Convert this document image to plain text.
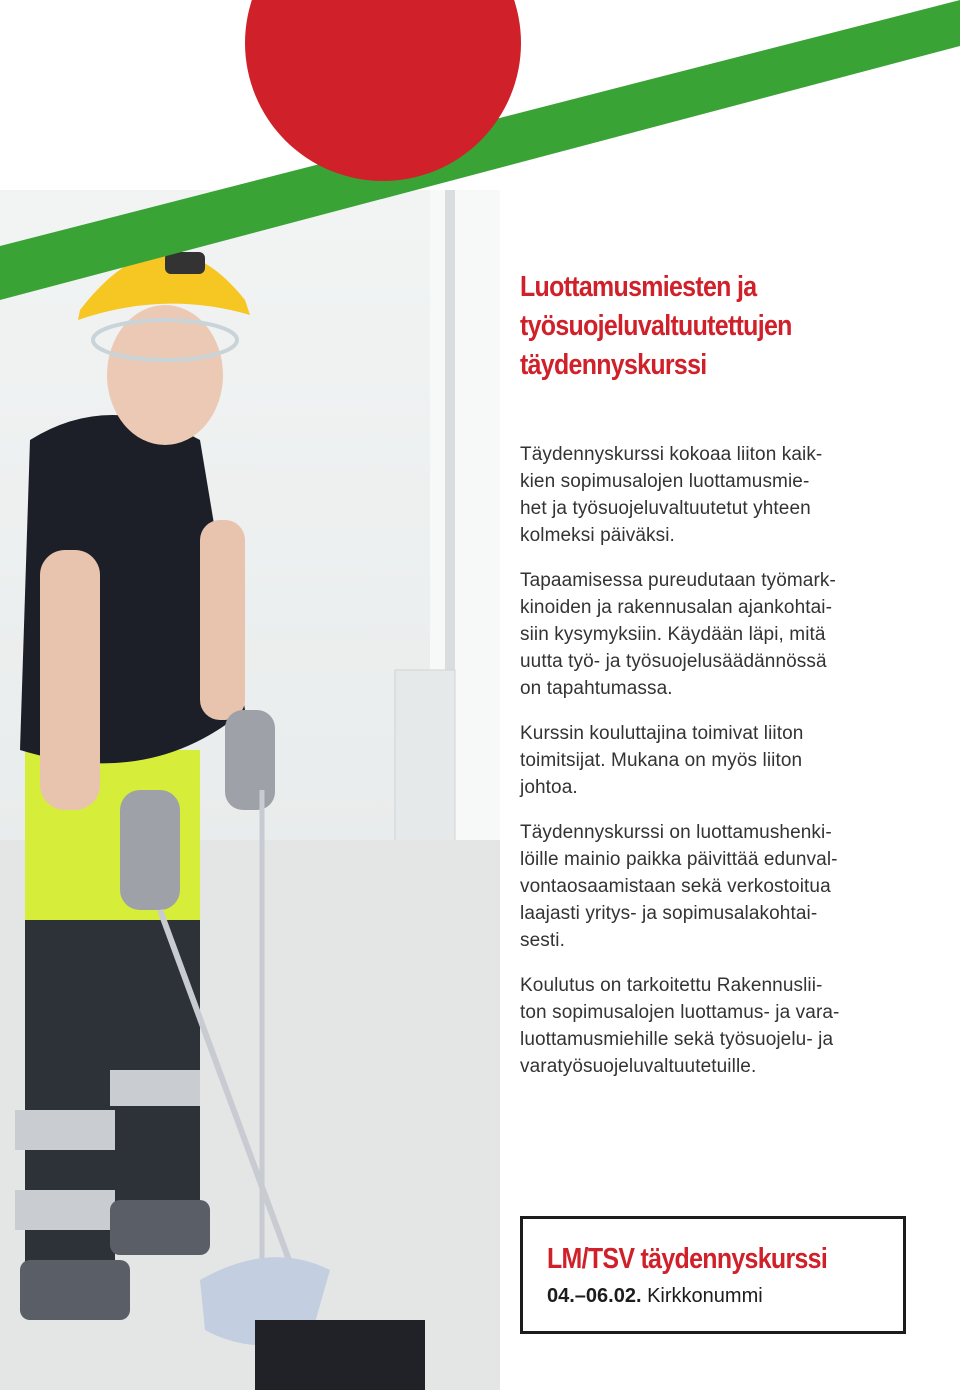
Luottamusmiesten ja
työsuojeluvaltuutettujen
täydennyskurssi

Täydennyskurssi kokoaa liiton kaik-
kien sopimusalojen luottamusmie-
het ja työsuojeluvaltuutetut yhteen
kolmeksi päiväksi.

Tapaamisessa pureudutaan työmark-
kinoiden ja rakennusalan ajankohtai-
siin kysymyksiin. Käydään läpi, mitä
uutta työ- ja työsuojelusäädännössä
on tapahtumassa.

Kurssin kouluttajina toimivat liiton
toimitsijat. Mukana on myös liiton
johtoa.

Täydennyskurssi on luottamushenki-
löille mainio paikka päivittää edunval-
vontaosaamistaan sekä verkostoitua
laajasti yritys- ja sopimusalakohtai-
sesti.

Koulutus on tarkoitettu Rakennuslii-
ton sopimusalojen luottamus- ja vara-
luottamusmiehille sekä työsuojelu- ja
varatyösuojeluvaltuutetuille.

LM/TSV täydennyskurssi
04.–06.02. Kirkkonummi
